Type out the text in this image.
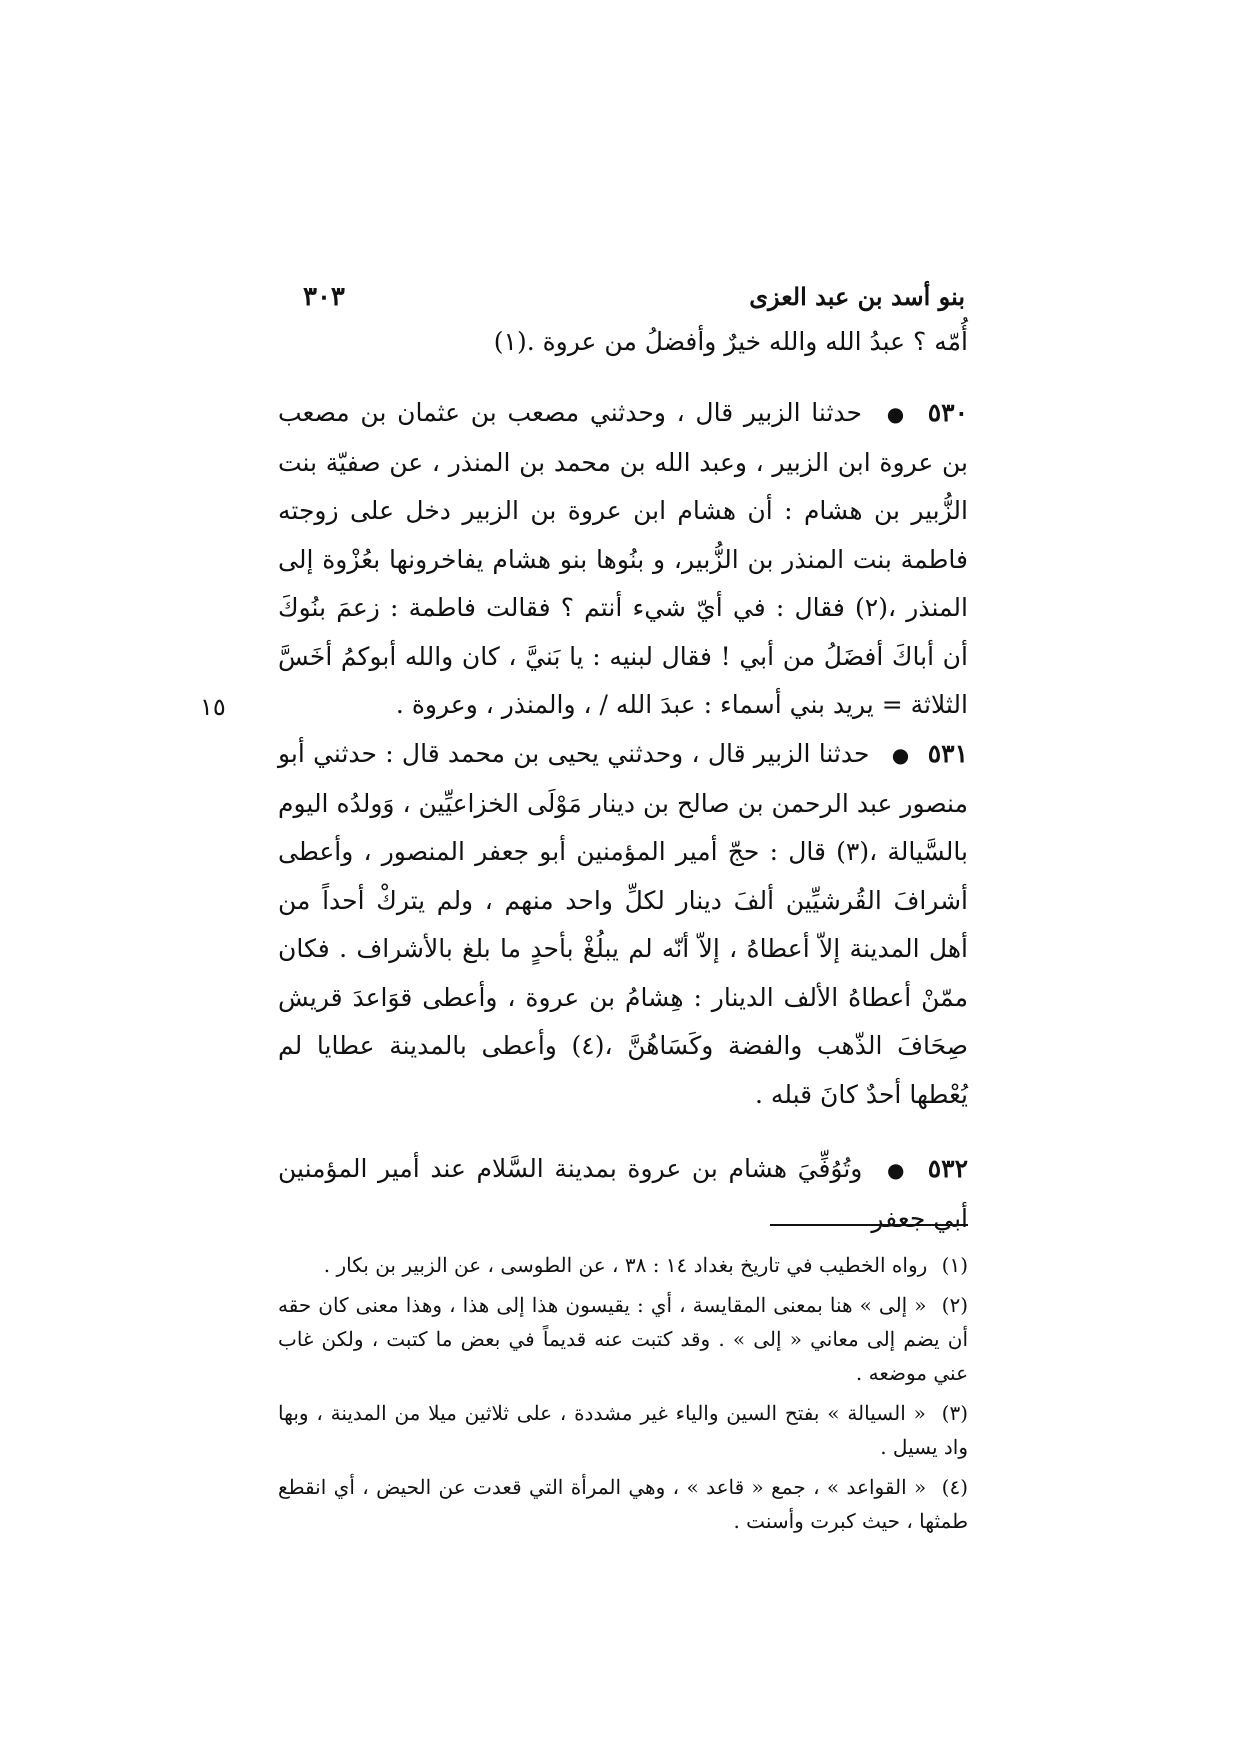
٣٠٣	بنو أسد بن عبد العزى
١٥

أُمّه ؟ عبدُ الله والله خيرٌ وأفضلُ من عروة .(١)

٥٣٠ ● حدثنا الزبير قال ، وحدثني مصعب بن عثمان بن مصعب بن عروة ابن الزبير ، وعبد الله بن محمد بن المنذر ، عن صفيّة بنت الزُّبير بن هشام : أن هشام ابن عروة بن الزبير دخل على زوجته فاطمة بنت المنذر بن الزُّبير، و بنُوها بنو هشام يفاخرونها بعُزْوة إلى المنذر ،(٢) فقال : في أيّ شيء أنتم ؟ فقالت فاطمة : زعمَ بنُوكَ أن أباكَ أفضَلُ من أبي ! فقال لبنيه : يا بَنيَّ ، كان والله أبوكمُ أخَسَّ الثلاثة = يريد بني أسماء : عبدَ الله / ، والمنذر ، وعروة .

٥٣١ ● حدثنا الزبير قال ، وحدثني يحيى بن محمد قال : حدثني أبو منصور عبد الرحمن بن صالح بن دينار مَوْلَى الخزاعيِّين ، وَولدُه اليوم بالسَّيالة ،(٣) قال : حجّ أمير المؤمنين أبو جعفر المنصور ، وأعطى أشرافَ القُرشيِّين ألفَ دينار لكلِّ واحد منهم ، ولم يتركْ أحداً من أهل المدينة إلاّ أعطاهُ ، إلاّ أنّه لم يبلُغْ بأحدٍ ما بلغ بالأشراف . فكان ممّنْ أعطاهُ الألف الدينار : هِشامُ بن عروة ، وأعطى قوَاعدَ قريش صِحَافَ الذّهب والفضة وكَسَاهُنَّ ،(٤) وأعطى بالمدينة عطايا لم يُعْطها أحدٌ كانَ قبله .

٥٣٢ ● وتُوُفِّيَ هشام بن عروة بمدينة السَّلام عند أمير المؤمنين أبي جعفر

(١) رواه الخطيب في تاريخ بغداد ١٤ : ٣٨ ، عن الطوسى ، عن الزبير بن بكار .

(٢) « إلى » هنا بمعنى المقايسة ، أي : يقيسون هذا إلى هذا ، وهذا معنى كان حقه أن يضم إلى معاني « إلى » . وقد كتبت عنه قديماً في بعض ما كتبت ، ولكن غاب عني موضعه .

(٣) « السيالة » بفتح السين والياء غير مشددة ، على ثلاثين ميلا من المدينة ، وبها واد يسيل .

(٤) « القواعد » ، جمع « قاعد » ، وهي المرأة التي قعدت عن الحيض ، أي انقطع طمثها ، حيث كبرت وأسنت .
